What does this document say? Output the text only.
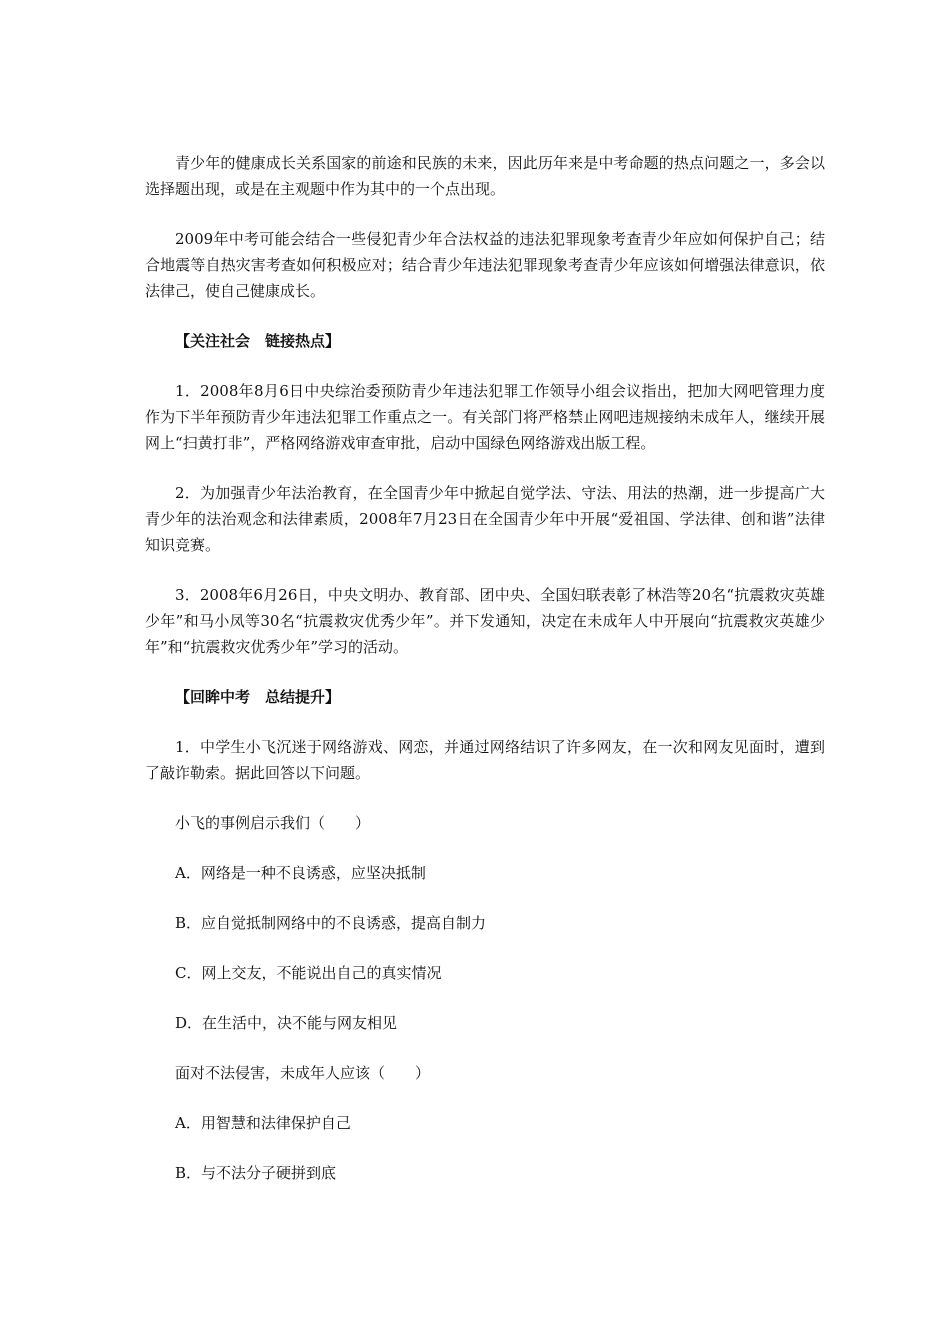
青少年的健康成长关系国家的前途和民族的未来，因此历年来是中考命题的热点问题之一，多会以选择题出现，或是在主观题中作为其中的一个点出现。

2009年中考可能会结合一些侵犯青少年合法权益的违法犯罪现象考查青少年应如何保护自己；结合地震等自热灾害考查如何积极应对；结合青少年违法犯罪现象考查青少年应该如何增强法律意识，依法律己，使自己健康成长。

【关注社会　链接热点】

1．2008年8月6日中央综治委预防青少年违法犯罪工作领导小组会议指出，把加大网吧管理力度作为下半年预防青少年违法犯罪工作重点之一。有关部门将严格禁止网吧违规接纳未成年人，继续开展网上“扫黄打非”，严格网络游戏审查审批，启动中国绿色网络游戏出版工程。

2．为加强青少年法治教育，在全国青少年中掀起自觉学法、守法、用法的热潮，进一步提高广大青少年的法治观念和法律素质，2008年7月23日在全国青少年中开展“爱祖国、学法律、创和谐”法律知识竞赛。

3．2008年6月26日，中央文明办、教育部、团中央、全国妇联表彰了林浩等20名“抗震救灾英雄少年”和马小凤等30名“抗震救灾优秀少年”。并下发通知，决定在未成年人中开展向“抗震救灾英雄少年”和“抗震救灾优秀少年”学习的活动。

【回眸中考　总结提升】

1．中学生小飞沉迷于网络游戏、网恋，并通过网络结识了许多网友，在一次和网友见面时，遭到了敲诈勒索。据此回答以下问题。

小飞的事例启示我们（　　）

A．网络是一种不良诱惑，应坚决抵制

B．应自觉抵制网络中的不良诱惑，提高自制力

C．网上交友，不能说出自己的真实情况

D．在生活中，决不能与网友相见

面对不法侵害，未成年人应该（　　）

A．用智慧和法律保护自己

B．与不法分子硬拼到底
